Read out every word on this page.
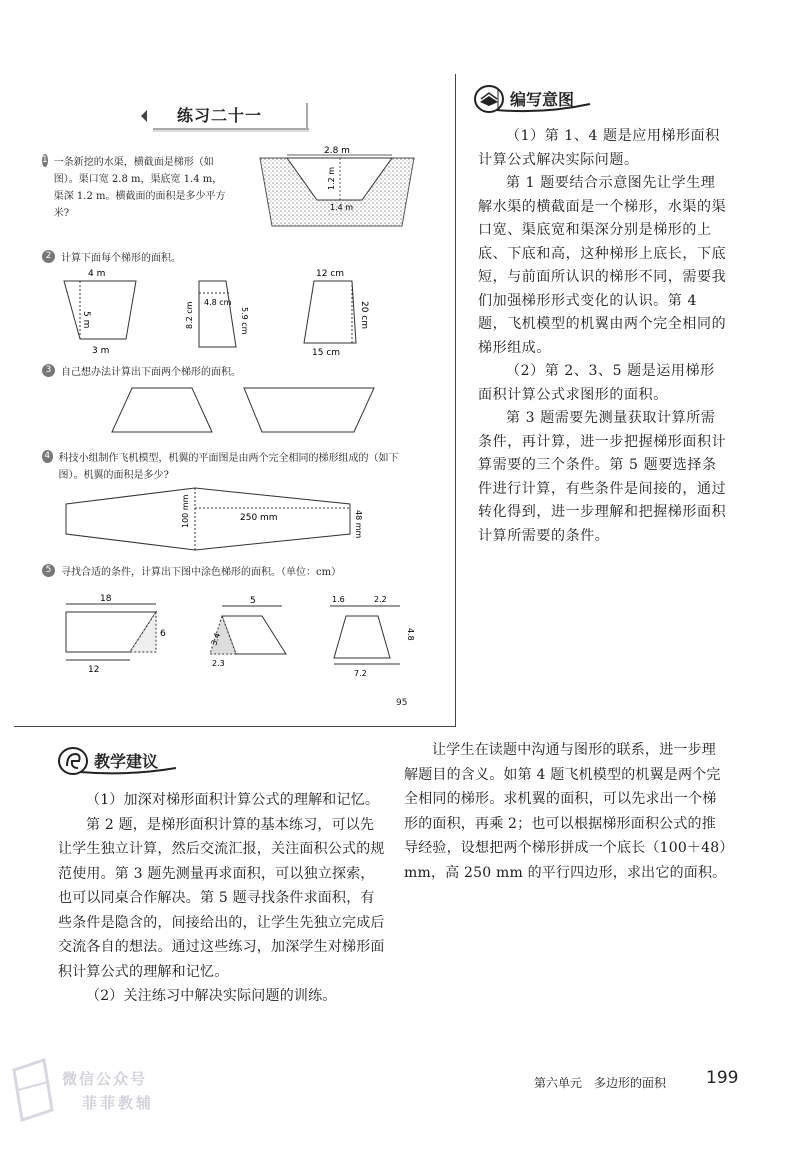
练习二十一
1 一条新挖的水渠，横截面是梯形（如图）。渠口宽 2.8 m，渠底宽 1.4 m，渠深 1.2 m。横截面的面积是多少平方米?
2.8 m
1.2 m
1.4 m
2 计算下面每个梯形的面积。
4 m
5 m
3 m
4.8 cm
8.2 cm	5.9 cm
12 cm
20 cm
15 cm
3 自己想办法计算出下面两个梯形的面积。
4 科技小组制作飞机模型，机翼的平面图是由两个完全相同的梯形组成的（如下图）。机翼的面积是多少?
100 mm	250 mm	48 mm
5 寻找合适的条件，计算出下图中涂色梯形的面积。（单位：cm）
18
6
12
5
3.4
2.3
1.6	2.2
4.8
7.2
95
编写意图

（1）第 1、4 题是应用梯形面积计算公式解决实际问题。

第 1 题要结合示意图先让学生理解水渠的横截面是一个梯形，水渠的渠口宽、渠底宽和渠深分别是梯形的上底、下底和高，这种梯形上底长，下底短，与前面所认识的梯形不同，需要我们加强梯形形式变化的认识。第 4 题，飞机模型的机翼由两个完全相同的梯形组成。

（2）第 2、3、5 题是运用梯形面积计算公式求图形的面积。

第 3 题需要先测量获取计算所需条件，再计算，进一步把握梯形面积计算需要的三个条件。第 5 题要选择条件进行计算，有些条件是间接的，通过转化得到，进一步理解和把握梯形面积计算所需要的条件。

教学建议

（1）加深对梯形面积计算公式的理解和记忆。

第 2 题，是梯形面积计算的基本练习，可以先让学生独立计算，然后交流汇报，关注面积公式的规范使用。第 3 题先测量再求面积，可以独立探索，也可以同桌合作解决。第 5 题寻找条件求面积，有些条件是隐含的，间接给出的，让学生先独立完成后交流各自的想法。通过这些练习，加深学生对梯形面积计算公式的理解和记忆。

（2）关注练习中解决实际问题的训练。

让学生在读题中沟通与图形的联系，进一步理解题目的含义。如第 4 题飞机模型的机翼是两个完全相同的梯形。求机翼的面积，可以先求出一个梯形的面积，再乘 2；也可以根据梯形面积公式的推导经验，设想把两个梯形拼成一个底长（100＋48）mm，高 250 mm 的平行四边形，求出它的面积。

微信公众号
菲菲教辅
第六单元　多边形的面积 199
